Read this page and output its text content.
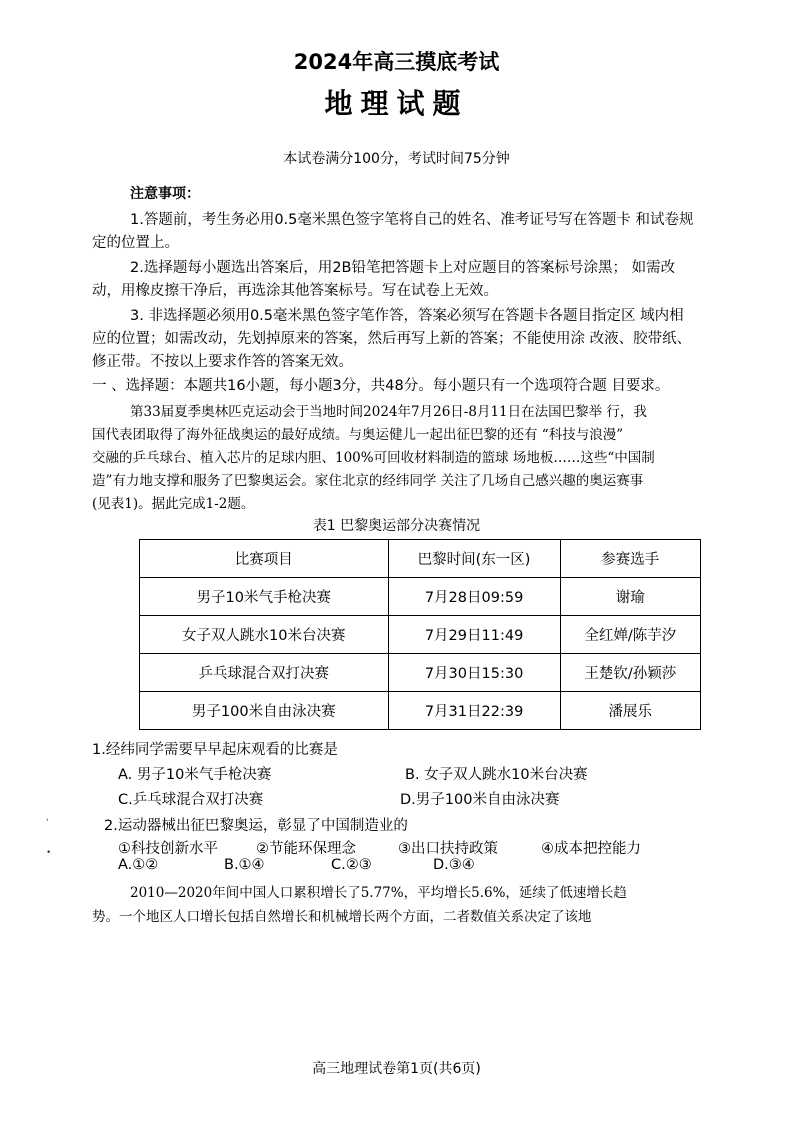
2024年高三摸底考试
地理试题
本试卷满分100分，考试时间75分钟
注意事项：
1.答题前，考生务必用0.5毫米黑色签字笔将自己的姓名、准考证号写在答题卡 和试卷规
定的位置上。
2.选择题每小题选出答案后，用2B铅笔把答题卡上对应题目的答案标号涂黑； 如需改
动，用橡皮擦干净后，再选涂其他答案标号。写在试卷上无效。
3. 非选择题必须用0.5毫米黑色签字笔作答，答案必须写在答题卡各题目指定区 域内相
应的位置；如需改动，先划掉原来的答案，然后再写上新的答案；不能使用涂 改液、胶带纸、
修正带。不按以上要求作答的答案无效。
一 、选择题：本题共16小题，每小题3分，共48分。每小题只有一个选项符合题 目要求。
第33届夏季奥林匹克运动会于当地时间2024年7月26日-8月11日在法国巴黎举 行，我
国代表团取得了海外征战奥运的最好成绩。与奥运健儿一起出征巴黎的还有 “科技与浪漫”
交融的乒乓球台、植入芯片的足球内胆、100%可回收材料制造的篮球 场地板……这些“中国制
造”有力地支撑和服务了巴黎奥运会。家住北京的经纬同学 关注了几场自己感兴趣的奥运赛事
(见表1)。据此完成1-2题。
表1 巴黎奥运部分决赛情况
比赛项目	巴黎时间(东一区)	参赛选手
男子10米气手枪决赛	7月28日09:59	谢瑜
女子双人跳水10米台决赛	7月29日11:49	全红婵/陈芋汐
乒乓球混合双打决赛	7月30日15:30	王楚钦/孙颖莎
男子100米自由泳决赛	7月31日22:39	潘展乐
1.经纬同学需要早早起床观看的比赛是
A. 男子10米气手枪决赛	B. 女子双人跳水10米台决赛
C.乒乓球混合双打决赛	D.男子100米自由泳决赛
'
•
2.运动器械出征巴黎奥运，彰显了中国制造业的
①科技创新水平	②节能环保理念	③出口扶持政策	④成本把控能力
A.①②	B.①④	C.②③	D.③④
2010—2020年间中国人口累积增长了5.77%，平均增长5.6%，延续了低速增长趋
势。一个地区人口增长包括自然增长和机械增长两个方面，二者数值关系决定了该地
高三地理试卷第1页(共6页)
